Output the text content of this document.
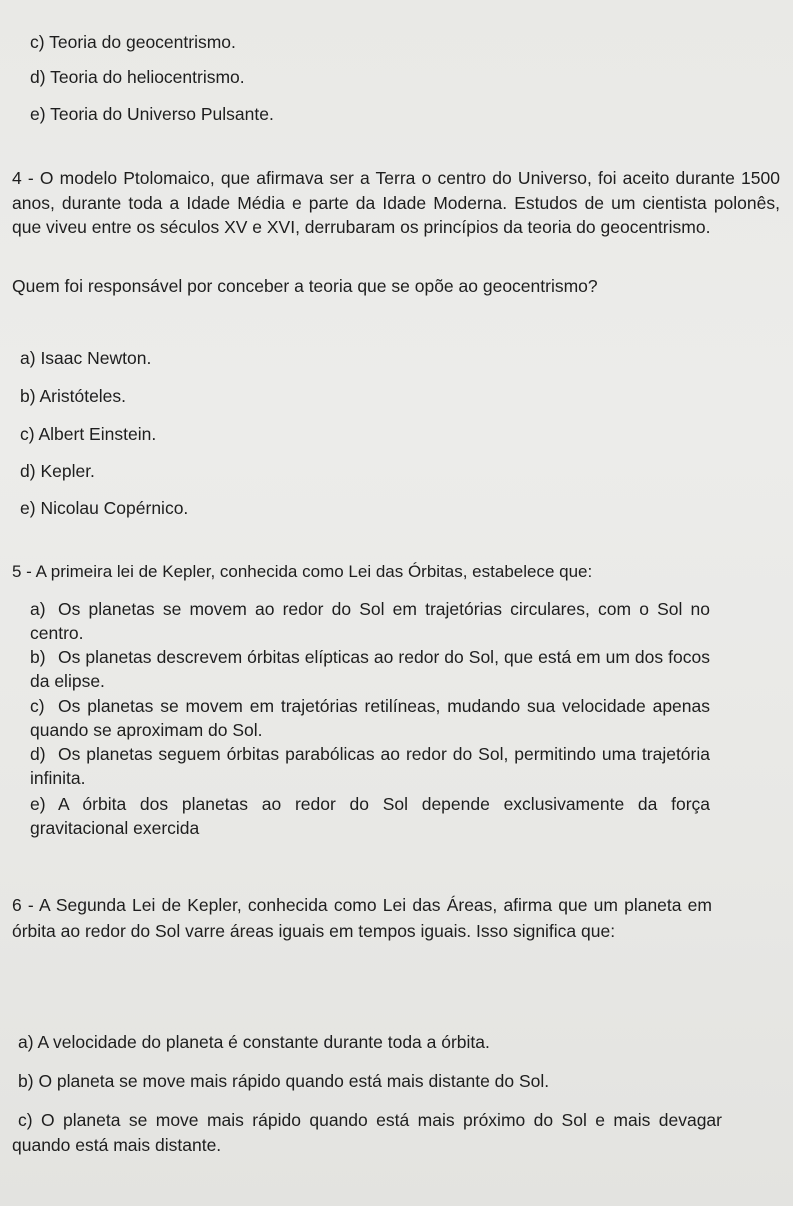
c) Teoria do geocentrismo.
d) Teoria do heliocentrismo.
e) Teoria do Universo Pulsante.
4 - O modelo Ptolomaico, que afirmava ser a Terra o centro do Universo, foi aceito durante 1500 anos, durante toda a Idade Média e parte da Idade Moderna. Estudos de um cientista polonês, que viveu entre os séculos XV e XVI, derrubaram os princípios da teoria do geocentrismo.
Quem foi responsável por conceber a teoria que se opõe ao geocentrismo?
a) Isaac Newton.
b) Aristóteles.
c) Albert Einstein.
d) Kepler.
e) Nicolau Copérnico.
5 - A primeira lei de Kepler, conhecida como Lei das Órbitas, estabelece que:
a) Os planetas se movem ao redor do Sol em trajetórias circulares, com o Sol no centro.
b) Os planetas descrevem órbitas elípticas ao redor do Sol, que está em um dos focos da elipse.
c) Os planetas se movem em trajetórias retilíneas, mudando sua velocidade apenas quando se aproximam do Sol.
d) Os planetas seguem órbitas parabólicas ao redor do Sol, permitindo uma trajetória infinita.
e) A órbita dos planetas ao redor do Sol depende exclusivamente da força gravitacional exercida
6 - A Segunda Lei de Kepler, conhecida como Lei das Áreas, afirma que um planeta em órbita ao redor do Sol varre áreas iguais em tempos iguais. Isso significa que:
a) A velocidade do planeta é constante durante toda a órbita.
b) O planeta se move mais rápido quando está mais distante do Sol.
c) O planeta se move mais rápido quando está mais próximo do Sol e mais devagar quando está mais distante.
